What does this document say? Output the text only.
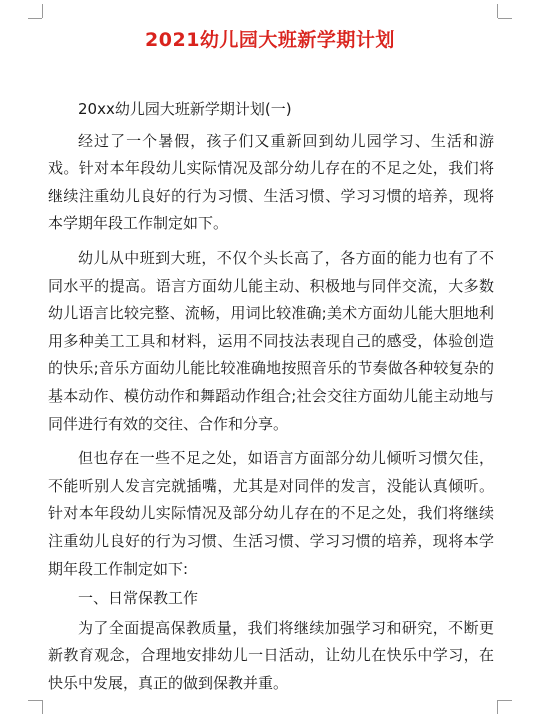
2021幼儿园大班新学期计划

20xx幼儿园大班新学期计划(一)

经过了一个暑假，孩子们又重新回到幼儿园学习、生活和游戏。针对本年段幼儿实际情况及部分幼儿存在的不足之处，我们将继续注重幼儿良好的行为习惯、生活习惯、学习习惯的培养，现将本学期年段工作制定如下。

幼儿从中班到大班，不仅个头长高了，各方面的能力也有了不同水平的提高。语言方面幼儿能主动、积极地与同伴交流，大多数幼儿语言比较完整、流畅，用词比较准确;美术方面幼儿能大胆地利用多种美工工具和材料，运用不同技法表现自己的感受，体验创造的快乐;音乐方面幼儿能比较准确地按照音乐的节奏做各种较复杂的基本动作、模仿动作和舞蹈动作组合;社会交往方面幼儿能主动地与同伴进行有效的交往、合作和分享。

但也存在一些不足之处，如语言方面部分幼儿倾听习惯欠佳，不能听别人发言完就插嘴，尤其是对同伴的发言，没能认真倾听。针对本年段幼儿实际情况及部分幼儿存在的不足之处，我们将继续注重幼儿良好的行为习惯、生活习惯、学习习惯的培养，现将本学期年段工作制定如下:

一、日常保教工作

为了全面提高保教质量，我们将继续加强学习和研究，不断更新教育观念，合理地安排幼儿一日活动，让幼儿在快乐中学习，在快乐中发展，真正的做到保教并重。
